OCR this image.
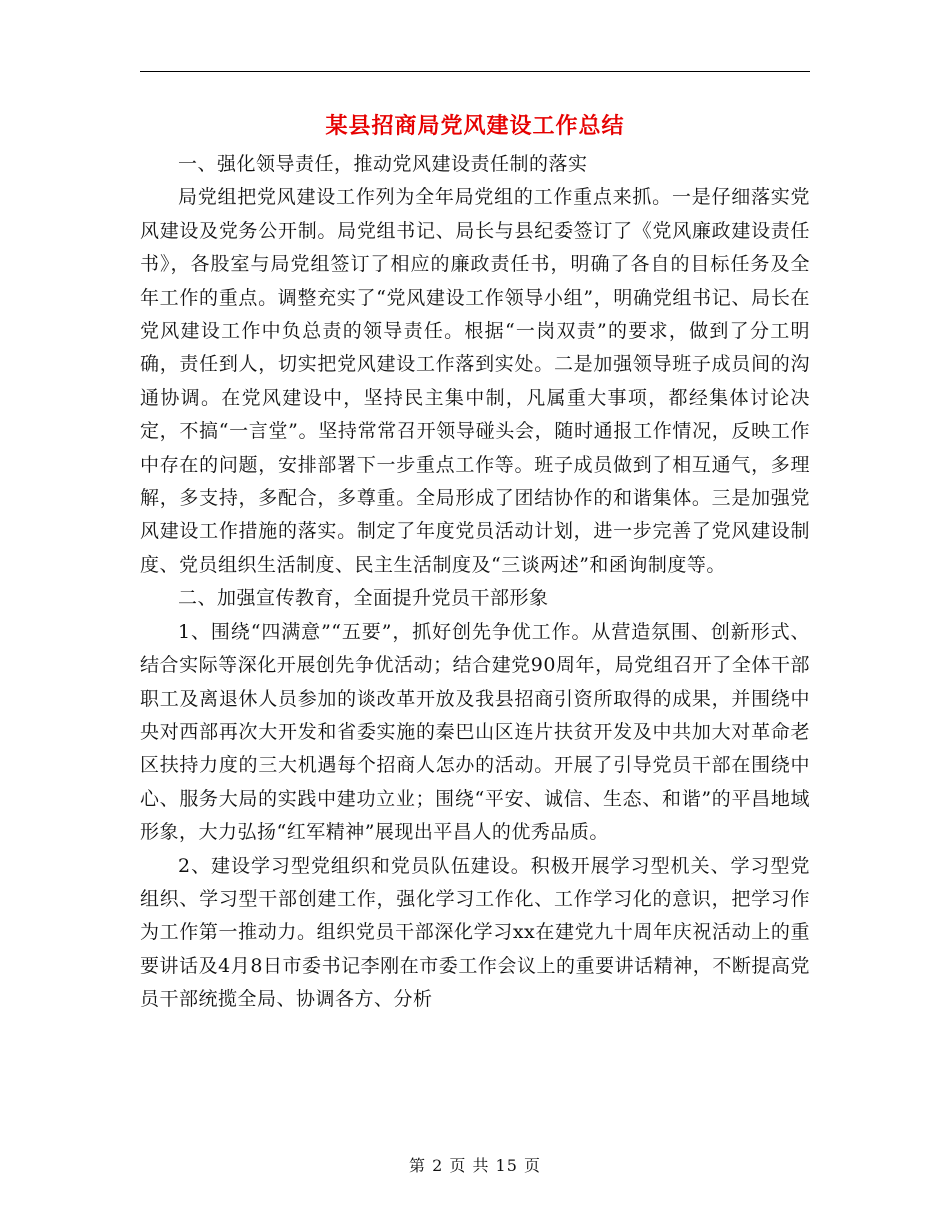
某县招商局党风建设工作总结

一、强化领导责任，推动党风建设责任制的落实

局党组把党风建设工作列为全年局党组的工作重点来抓。一是仔细落实党风建设及党务公开制。局党组书记、局长与县纪委签订了《党风廉政建设责任书》，各股室与局党组签订了相应的廉政责任书，明确了各自的目标任务及全年工作的重点。调整充实了“党风建设工作领导小组”，明确党组书记、局长在党风建设工作中负总责的领导责任。根据“一岗双责”的要求，做到了分工明确，责任到人，切实把党风建设工作落到实处。二是加强领导班子成员间的沟通协调。在党风建设中，坚持民主集中制，凡属重大事项，都经集体讨论决定，不搞“一言堂”。坚持常常召开领导碰头会，随时通报工作情况，反映工作中存在的问题，安排部署下一步重点工作等。班子成员做到了相互通气，多理解，多支持，多配合，多尊重。全局形成了团结协作的和谐集体。三是加强党风建设工作措施的落实。制定了年度党员活动计划，进一步完善了党风建设制度、党员组织生活制度、民主生活制度及“三谈两述”和函询制度等。

二、加强宣传教育，全面提升党员干部形象

1、围绕“四满意”“五要”，抓好创先争优工作。从营造氛围、创新形式、结合实际等深化开展创先争优活动；结合建党90周年，局党组召开了全体干部职工及离退休人员参加的谈改革开放及我县招商引资所取得的成果，并围绕中央对西部再次大开发和省委实施的秦巴山区连片扶贫开发及中共加大对革命老区扶持力度的三大机遇每个招商人怎办的活动。开展了引导党员干部在围绕中心、服务大局的实践中建功立业；围绕“平安、诚信、生态、和谐”的平昌地域形象，大力弘扬“红军精神”展现出平昌人的优秀品质。

2、建设学习型党组织和党员队伍建设。积极开展学习型机关、学习型党组织、学习型干部创建工作，强化学习工作化、工作学习化的意识，把学习作为工作第一推动力。组织党员干部深化学习xx在建党九十周年庆祝活动上的重要讲话及4月8日市委书记李刚在市委工作会议上的重要讲话精神，不断提高党员干部统揽全局、协调各方、分析

第 2 页 共 15 页
